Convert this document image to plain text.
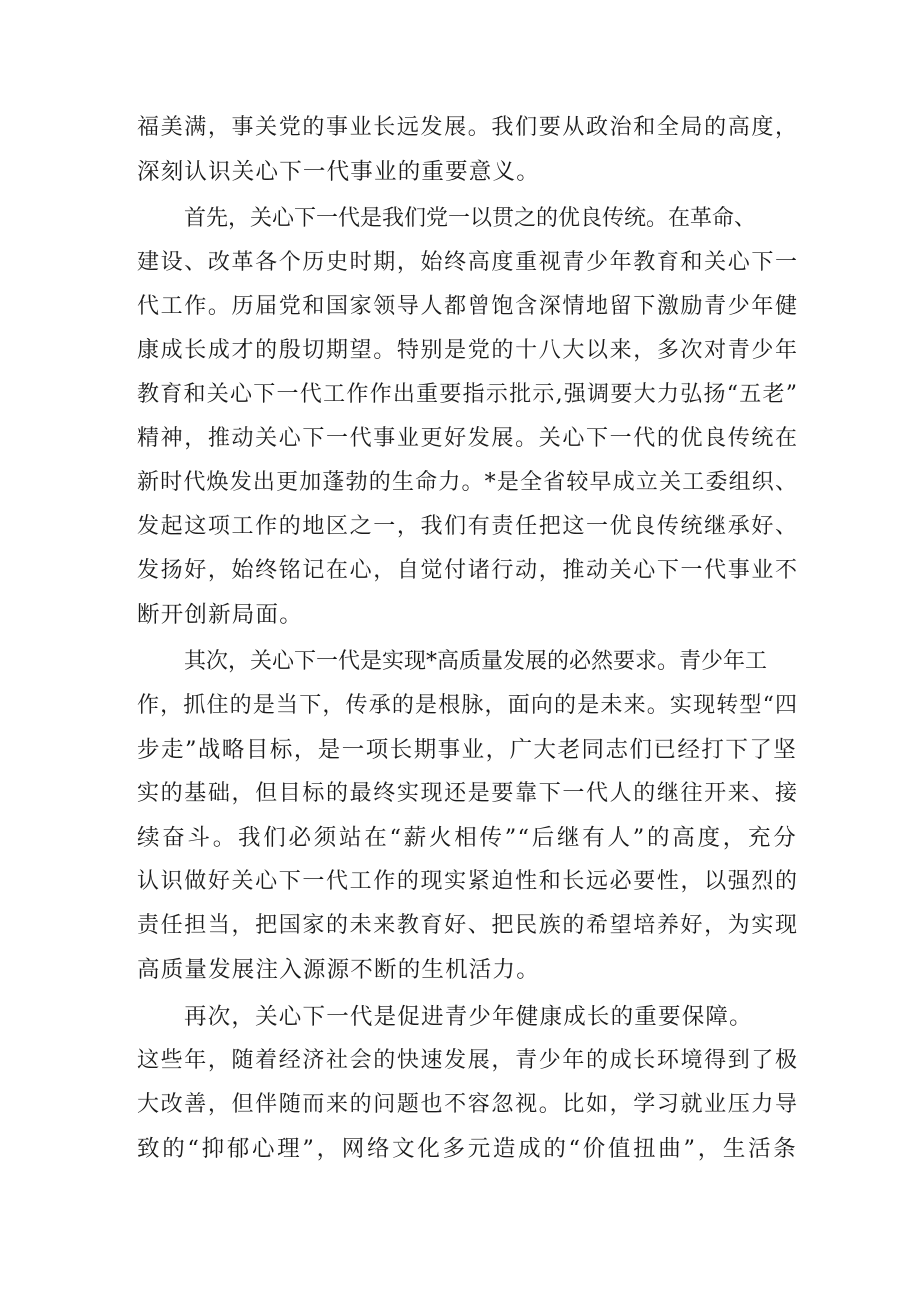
福美满，事关党的事业长远发展。我们要从政治和全局的高度，
深刻认识关心下一代事业的重要意义。
首先，关心下一代是我们党一以贯之的优良传统。在革命、
建设、改革各个历史时期，始终高度重视青少年教育和关心下一
代工作。历届党和国家领导人都曾饱含深情地留下激励青少年健
康成长成才的殷切期望。特别是党的十八大以来，多次对青少年
教育和关心下一代工作作出重要指示批示,强调要大力弘扬“五老”
精神，推动关心下一代事业更好发展。关心下一代的优良传统在
新时代焕发出更加蓬勃的生命力。*是全省较早成立关工委组织、
发起这项工作的地区之一，我们有责任把这一优良传统继承好、
发扬好，始终铭记在心，自觉付诸行动，推动关心下一代事业不
断开创新局面。
其次，关心下一代是实现*高质量发展的必然要求。青少年工
作，抓住的是当下，传承的是根脉，面向的是未来。实现转型“四
步走”战略目标，是一项长期事业，广大老同志们已经打下了坚
实的基础，但目标的最终实现还是要靠下一代人的继往开来、接
续奋斗。我们必须站在“薪火相传”“后继有人”的高度，充分
认识做好关心下一代工作的现实紧迫性和长远必要性，以强烈的
责任担当，把国家的未来教育好、把民族的希望培养好，为实现
高质量发展注入源源不断的生机活力。
再次，关心下一代是促进青少年健康成长的重要保障。
这些年，随着经济社会的快速发展，青少年的成长环境得到了极
大改善，但伴随而来的问题也不容忽视。比如，学习就业压力导
致的“抑郁心理”，网络文化多元造成的“价值扭曲”，生活条
